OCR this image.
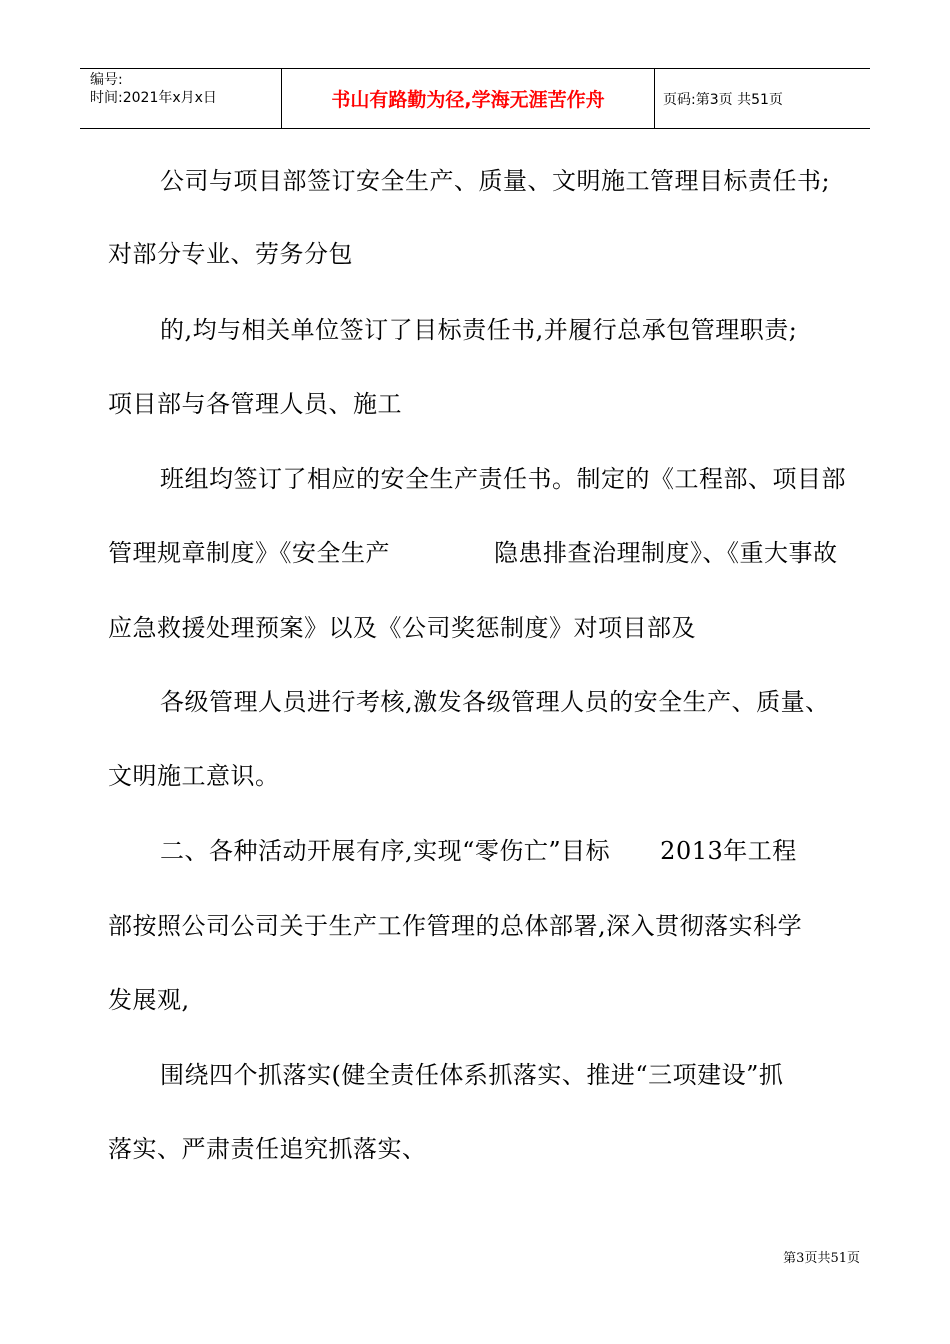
编号:
时间:2021年x月x日	书山有路勤为径,学海无涯苦作舟	页码:第3页 共51页
公司与项目部签订安全生产、质量、文明施工管理目标责任书;
对部分专业、劳务分包
的,均与相关单位签订了目标责任书,并履行总承包管理职责;
项目部与各管理人员、施工
班组均签订了相应的安全生产责任书。制定的《工程部、项目部
管理规章制度》《安全生产	隐患排查治理制度》、《重大事故
应急救援处理预案》以及《公司奖惩制度》对项目部及
各级管理人员进行考核,激发各级管理人员的安全生产、质量、
文明施工意识。
二、各种活动开展有序,实现“零伤亡”目标 2013年工程
部按照公司公司关于生产工作管理的总体部署,深入贯彻落实科学
发展观,
围绕四个抓落实(健全责任体系抓落实、推进“三项建设”抓
落实、严肃责任追究抓落实、
第3页共51页
